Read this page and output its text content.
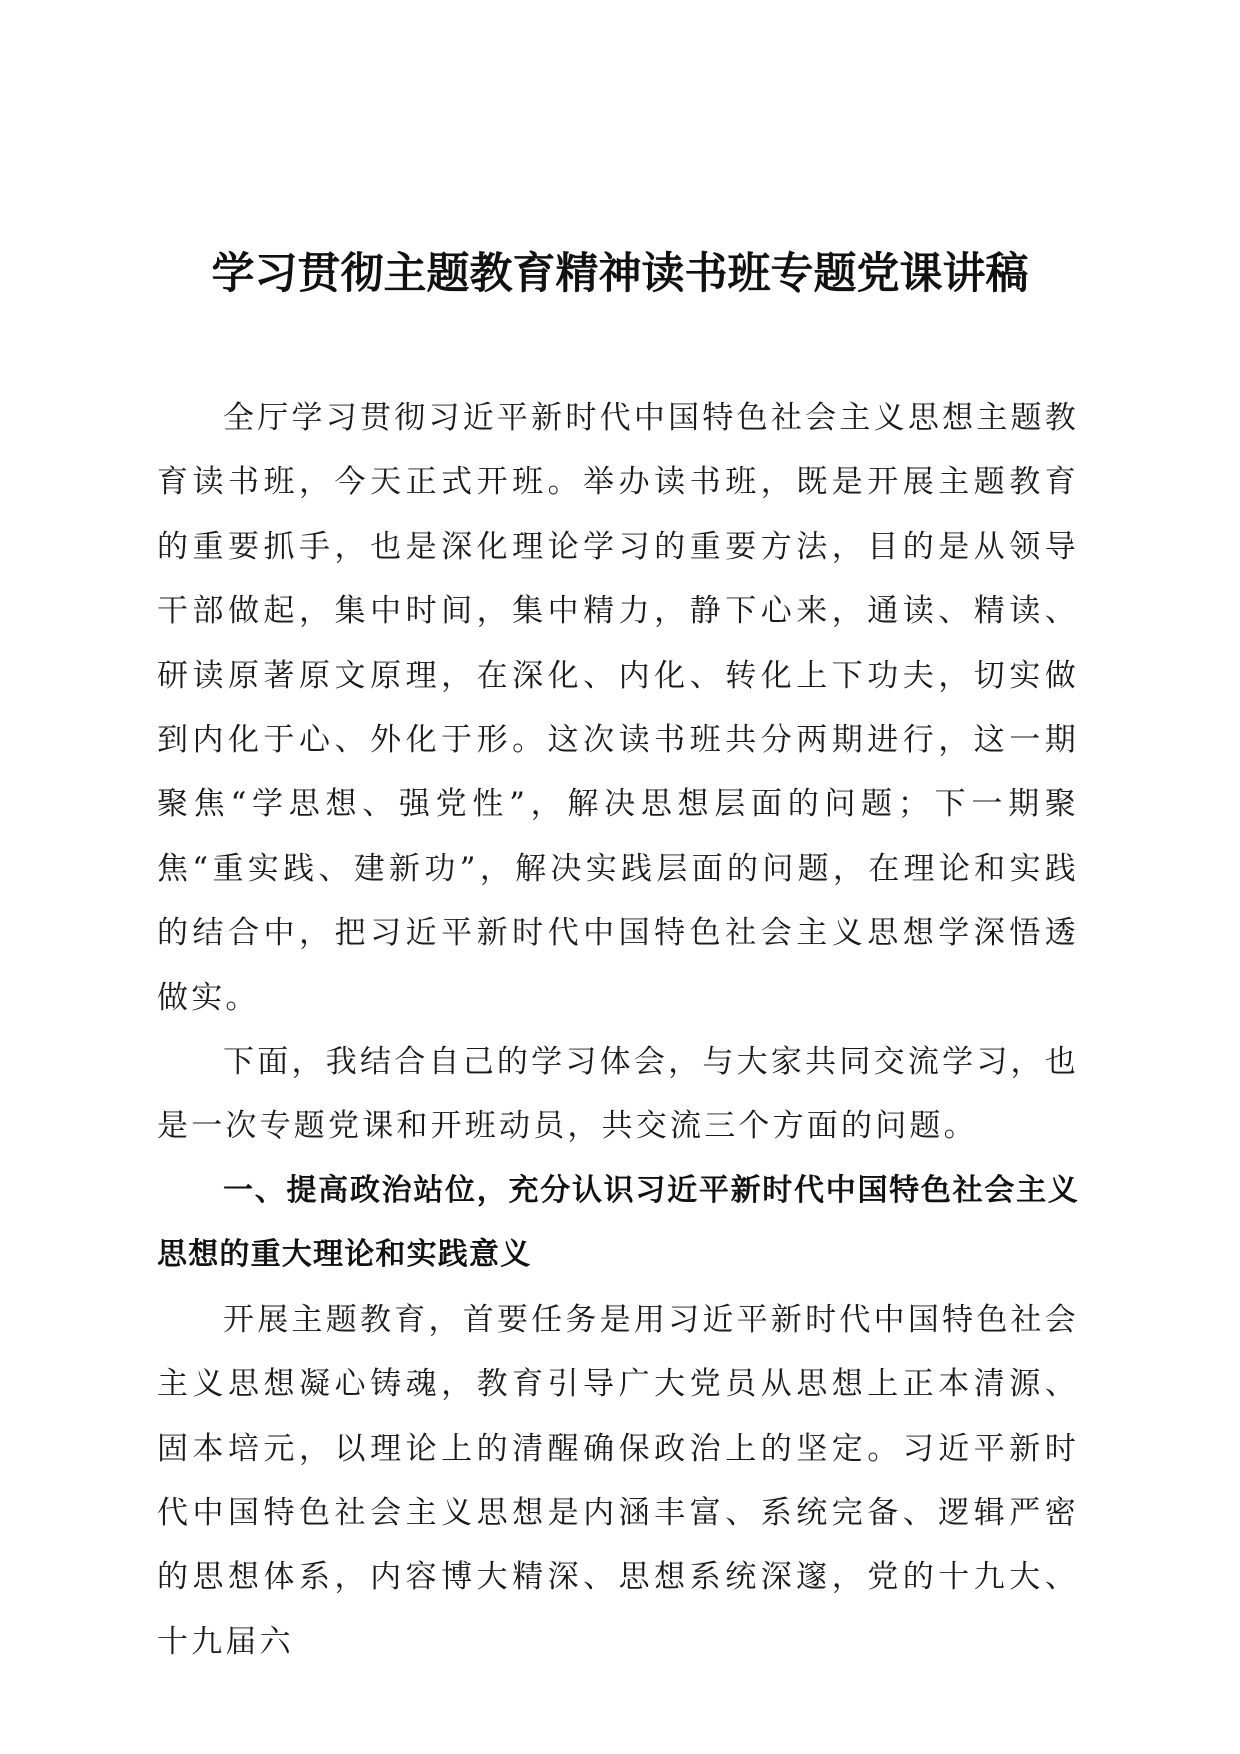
学习贯彻主题教育精神读书班专题党课讲稿

全厅学习贯彻习近平新时代中国特色社会主义思想主题教育读书班，今天正式开班。举办读书班，既是开展主题教育的重要抓手，也是深化理论学习的重要方法，目的是从领导干部做起，集中时间，集中精力，静下心来，通读、精读、研读原著原文原理，在深化、内化、转化上下功夫，切实做到内化于心、外化于形。这次读书班共分两期进行，这一期聚焦“学思想、强党性”，解决思想层面的问题；下一期聚焦“重实践、建新功”，解决实践层面的问题，在理论和实践的结合中，把习近平新时代中国特色社会主义思想学深悟透做实。

下面，我结合自己的学习体会，与大家共同交流学习，也是一次专题党课和开班动员，共交流三个方面的问题。

一、提高政治站位，充分认识习近平新时代中国特色社会主义思想的重大理论和实践意义

开展主题教育，首要任务是用习近平新时代中国特色社会主义思想凝心铸魂，教育引导广大党员从思想上正本清源、固本培元，以理论上的清醒确保政治上的坚定。习近平新时代中国特色社会主义思想是内涵丰富、系统完备、逻辑严密的思想体系，内容博大精深、思想系统深邃，党的十九大、十九届六
